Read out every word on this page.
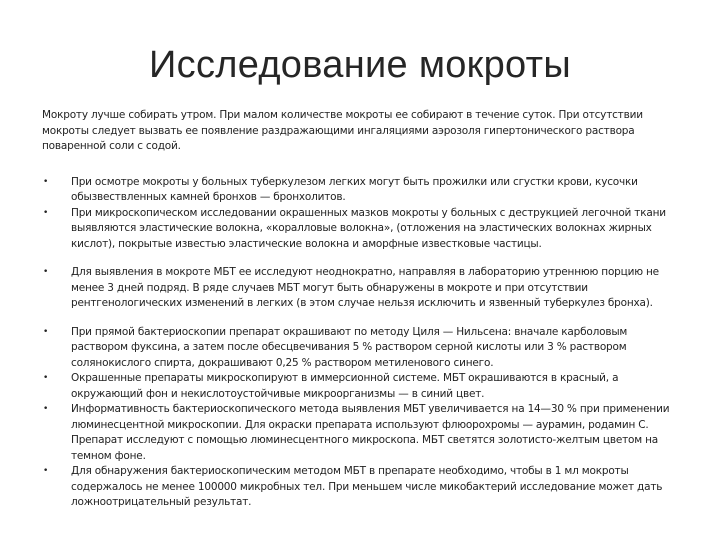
Исследование мокроты

Мокроту лучше собирать утром. При малом количестве мокроты ее собирают в течение суток. При отсутствии мокроты следует вызвать ее появление раздражающими ингаляциями аэрозоля гипертонического раствора поваренной соли с содой.

•	При осмотре мокроты у больных туберкулезом легких могут быть прожилки или сгустки крови, кусочки обызвествленных камней бронхов — бронхолитов.
•	При микроскопическом исследовании окрашенных мазков мокроты у больных с деструкцией легочной ткани выявляются эластические волокна, «коралловые волокна», (отложения на эластических волокнах жирных кислот), покрытые известью эластические волокна и аморфные известковые частицы.
•	Для выявления в мокроте МБТ ее исследуют неоднократно, направляя в лабораторию утреннюю порцию не менее 3 дней подряд. В ряде случаев МБТ могут быть обнаружены в мокроте и при отсутствии рентгенологических изменений в легких (в этом случае нельзя исключить и язвенный туберкулез бронха).
•	При прямой бактериоскопии препарат окрашивают по методу Циля — Нильсена: вначале карболовым раствором фуксина, а затем после обесцвечивания 5 % раствором серной кислоты или 3 % раствором солянокислого спирта, докрашивают 0,25 % раствором метиленового синего.
•	Окрашенные препараты микроскопируют в иммерсионной системе. МБТ окрашиваются в красный, а окружающий фон и некислотоустойчивые микроорганизмы — в синий цвет.
•	Информативность бактериоскопического метода выявления МБТ увеличивается на 14—30 % при применении люминесцентной микроскопии. Для окраски препарата используют флюорохромы — аурамин, родамин С. Препарат исследуют с помощью люминесцентного микроскопа. МБТ светятся золотисто-желтым цветом на темном фоне.
•	Для обнаружения бактериоскопическим методом МБТ в препарате необходимо, чтобы в 1 мл мокроты содержалось не менее 100000 микробных тел. При меньшем числе микобактерий исследование может дать ложноотрицательный результат.
